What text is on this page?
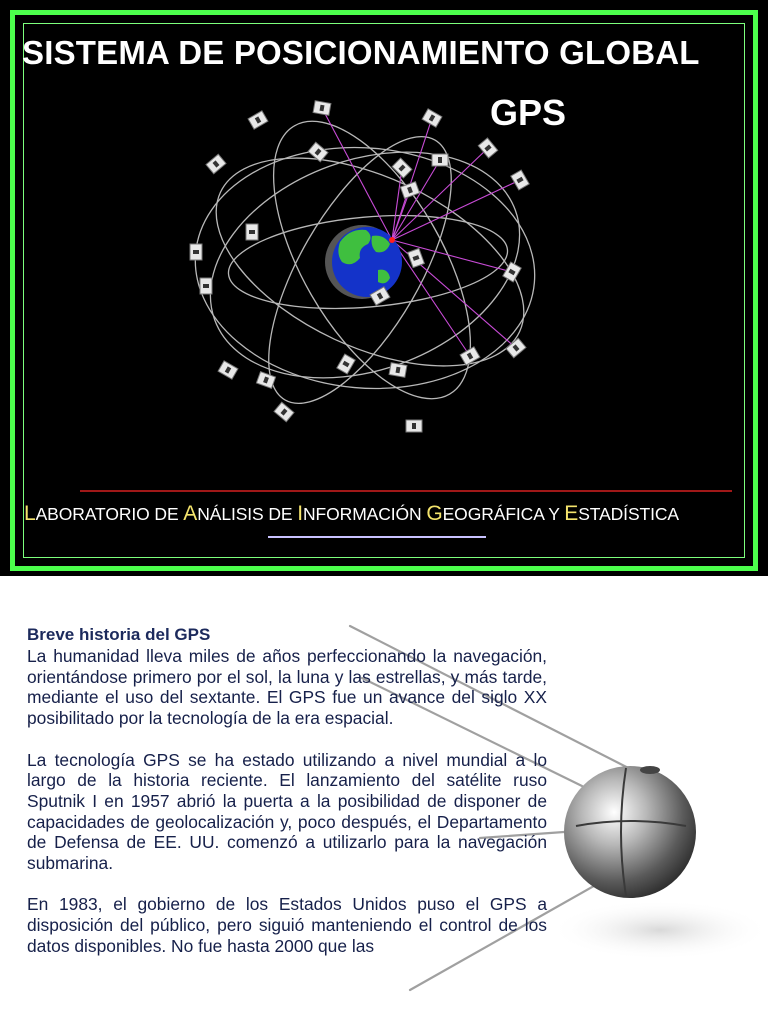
SISTEMA DE POSICIONAMIENTO GLOBAL
GPS
LABORATORIO DE ANÁLISIS DE INFORMACIÓN GEOGRÁFICA Y ESTADÍSTICA
Breve historia del GPS

La humanidad lleva miles de años perfeccionando la navegación, orientándose primero por el sol, la luna y las estrellas, y más tarde, mediante el uso del sextante. El GPS fue un avance del siglo XX posibilitado por la tecnología de la era espacial.

La tecnología GPS se ha estado utilizando a nivel mundial a lo largo de la historia reciente. El lanzamiento del satélite ruso Sputnik I en 1957 abrió la puerta a la posibilidad de disponer de capacidades de geolocalización y, poco después, el Departamento de Defensa de EE. UU. comenzó a utilizarlo para la navegación submarina.

En 1983, el gobierno de los Estados Unidos puso el GPS a disposición del público, pero siguió manteniendo el control de los datos disponibles. No fue hasta 2000 que las
